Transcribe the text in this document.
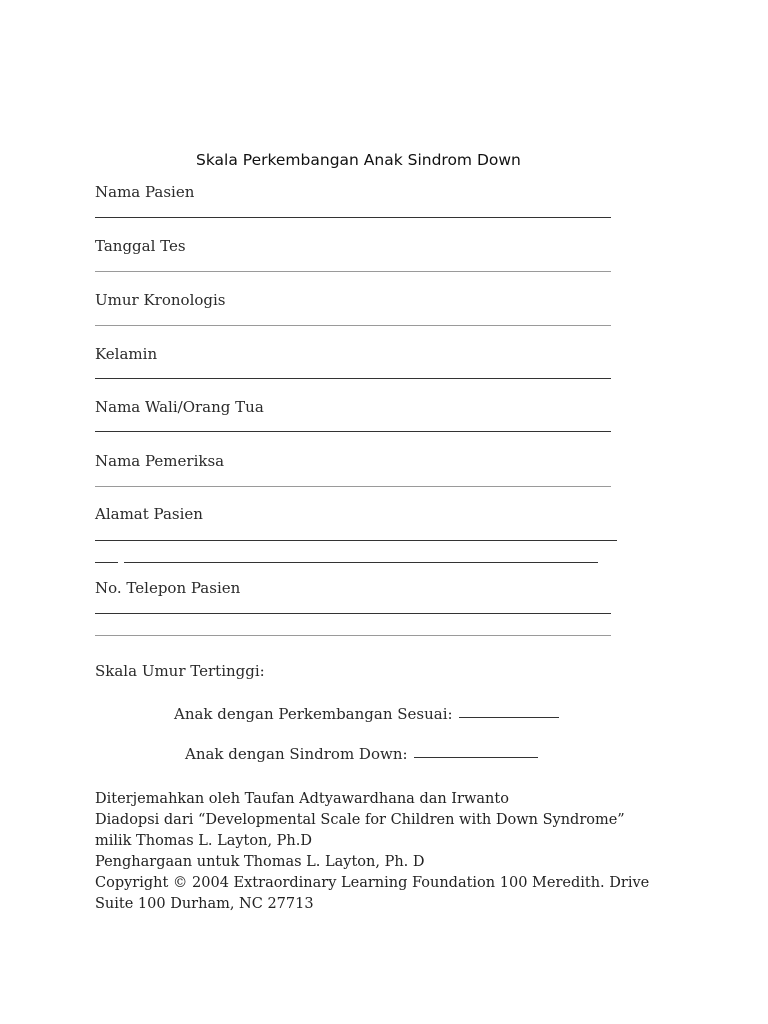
Skala Perkembangan Anak Sindrom Down
Nama Pasien
Tanggal Tes
Umur Kronologis
Kelamin
Nama Wali/Orang Tua
Nama Pemeriksa
Alamat Pasien
No. Telepon Pasien
Skala Umur Tertinggi:
Anak dengan Perkembangan Sesuai:
Anak dengan Sindrom Down:
Diterjemahkan oleh Taufan Adtyawardhana dan Irwanto
Diadopsi dari “Developmental Scale for Children with Down Syndrome”
milik Thomas L. Layton, Ph.D
Penghargaan untuk Thomas L. Layton, Ph. D
Copyright © 2004 Extraordinary Learning Foundation 100 Meredith. Drive
Suite 100 Durham, NC 27713
